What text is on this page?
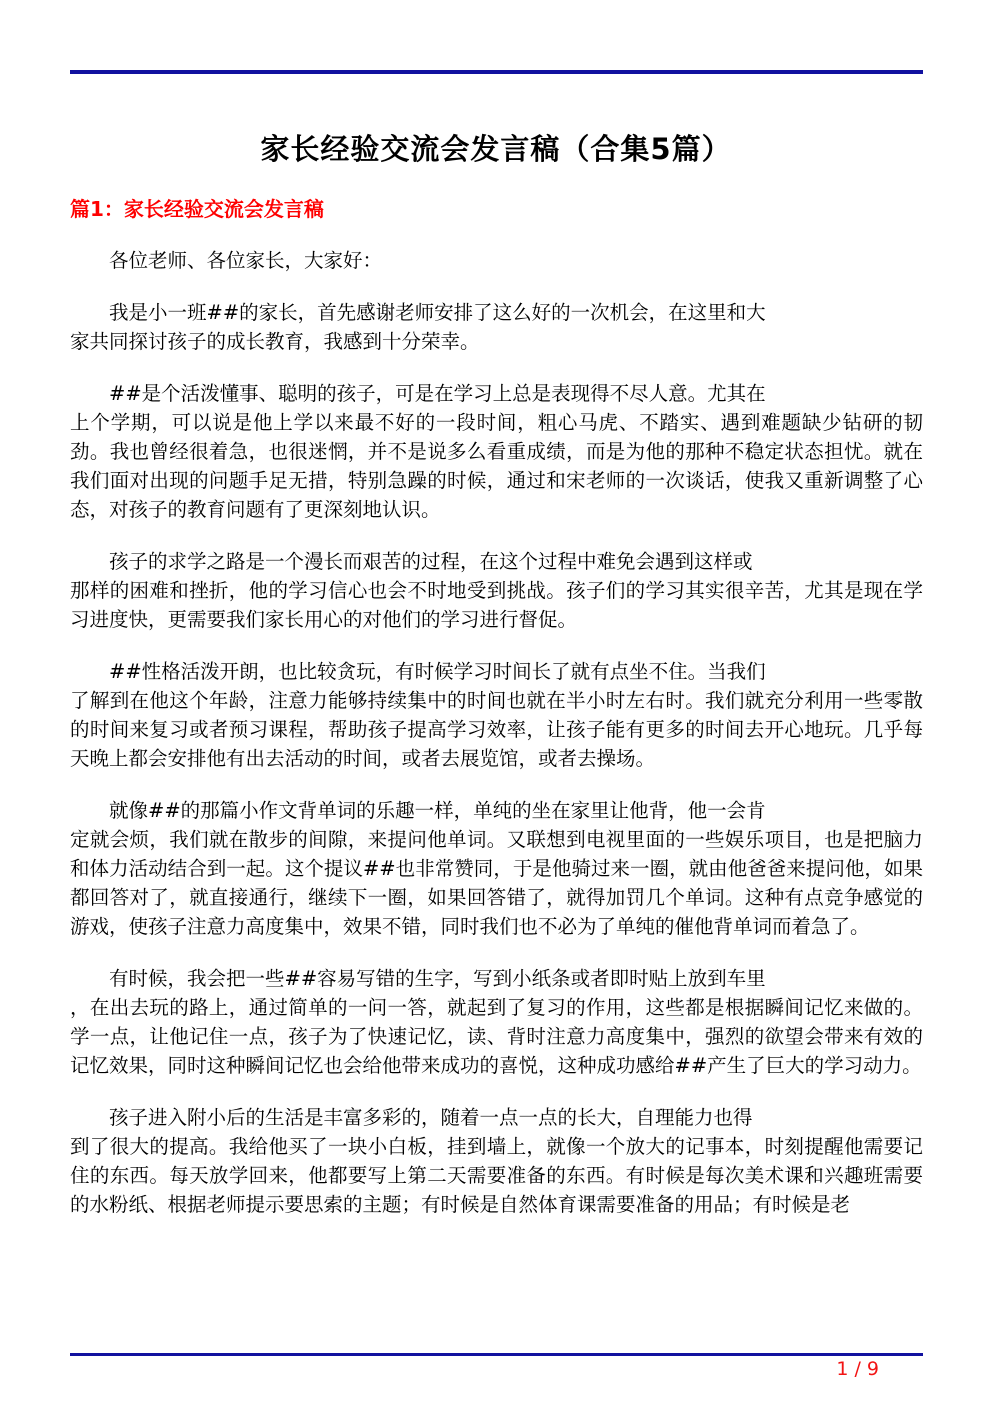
家长经验交流会发言稿（合集5篇）
篇1：家长经验交流会发言稿

各位老师、各位家长，大家好：

我是小一班##的家长，首先感谢老师安排了这么好的一次机会，在这里和大
家共同探讨孩子的成长教育，我感到十分荣幸。

##是个活泼懂事、聪明的孩子，可是在学习上总是表现得不尽人意。尤其在
上个学期，可以说是他上学以来最不好的一段时间，粗心马虎、不踏实、遇到难题缺少钻研的韧劲。我也曾经很着急，也很迷惘，并不是说多么看重成绩，而是为他的那种不稳定状态担忧。就在我们面对出现的问题手足无措，特别急躁的时候，通过和宋老师的一次谈话，使我又重新调整了心态，对孩子的教育问题有了更深刻地认识。

孩子的求学之路是一个漫长而艰苦的过程，在这个过程中难免会遇到这样或
那样的困难和挫折，他的学习信心也会不时地受到挑战。孩子们的学习其实很辛苦，尤其是现在学习进度快，更需要我们家长用心的对他们的学习进行督促。

##性格活泼开朗，也比较贪玩，有时候学习时间长了就有点坐不住。当我们
了解到在他这个年龄，注意力能够持续集中的时间也就在半小时左右时。我们就充分利用一些零散的时间来复习或者预习课程，帮助孩子提高学习效率，让孩子能有更多的时间去开心地玩。几乎每天晚上都会安排他有出去活动的时间，或者去展览馆，或者去操场。

就像##的那篇小作文背单词的乐趣一样，单纯的坐在家里让他背，他一会肯
定就会烦，我们就在散步的间隙，来提问他单词。又联想到电视里面的一些娱乐项目，也是把脑力和体力活动结合到一起。这个提议##也非常赞同，于是他骑过来一圈，就由他爸爸来提问他，如果都回答对了，就直接通行，继续下一圈，如果回答错了，就得加罚几个单词。这种有点竞争感觉的游戏，使孩子注意力高度集中，效果不错，同时我们也不必为了单纯的催他背单词而着急了。

有时候，我会把一些##容易写错的生字，写到小纸条或者即时贴上放到车里
，在出去玩的路上，通过简单的一问一答，就起到了复习的作用，这些都是根据瞬间记忆来做的。学一点，让他记住一点，孩子为了快速记忆，读、背时注意力高度集中，强烈的欲望会带来有效的记忆效果，同时这种瞬间记忆也会给他带来成功的喜悦，这种成功感给##产生了巨大的学习动力。

孩子进入附小后的生活是丰富多彩的，随着一点一点的长大，自理能力也得
到了很大的提高。我给他买了一块小白板，挂到墙上，就像一个放大的记事本，时刻提醒他需要记住的东西。每天放学回来，他都要写上第二天需要准备的东西。有时候是每次美术课和兴趣班需要的水粉纸、根据老师提示要思索的主题；有时候是自然体育课需要准备的用品；有时候是老

1 / 9
